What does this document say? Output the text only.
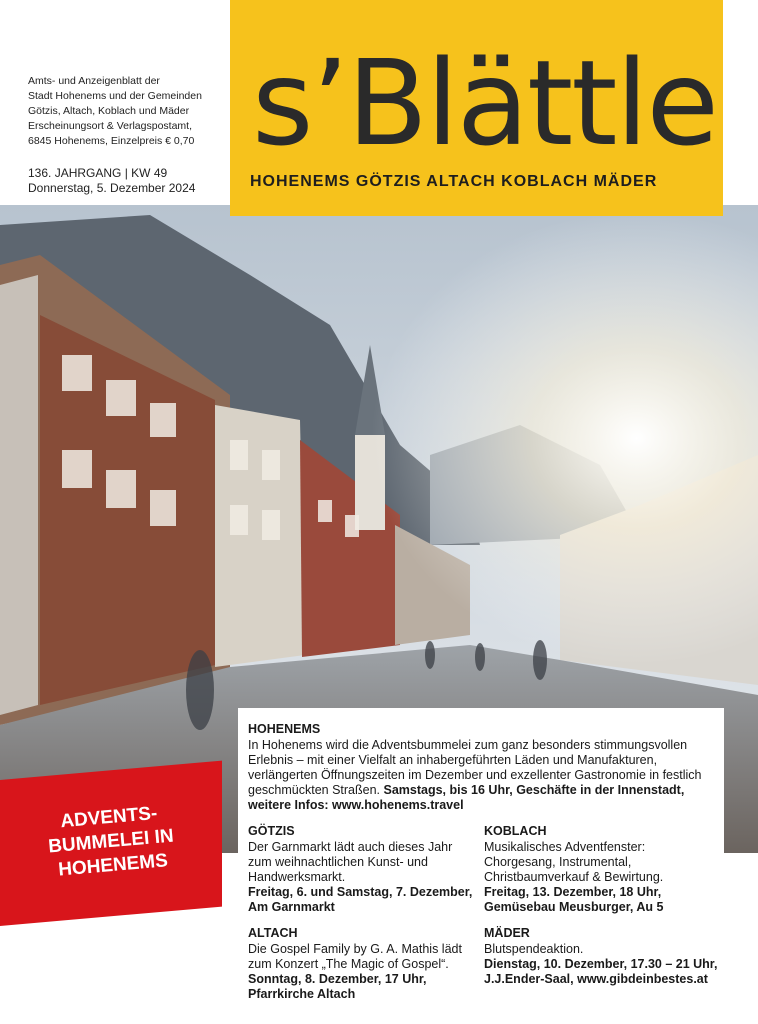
Amts- und Anzeigenblatt der
Stadt Hohenems und der Gemeinden
Götzis, Altach, Koblach und Mäder
Erscheinungsort & Verlagspostamt,
6845 Hohenems, Einzelpreis € 0,70
136. JAHRGANG | KW 49
Donnerstag, 5. Dezember 2024
s’Blättle
HOHENEMS GÖTZIS ALTACH KOBLACH MÄDER
ADVENTS-
BUMMELEI IN
HOHENEMS
HOHENEMS
In Hohenems wird die Adventsbummelei zum ganz besonders stimmungsvollen Erlebnis – mit einer Vielfalt an inhabergeführten Läden und Manufakturen, verlängerten Öffnungszeiten im Dezember und exzellenter Gastronomie in festlich geschmückten Straßen. Samstags, bis 16 Uhr, Geschäfte in der Innenstadt, weitere Infos: www.hohenems.travel
GÖTZIS
Der Garnmarkt lädt auch dieses Jahr zum weihnachtlichen Kunst- und Handwerksmarkt.
Freitag, 6. und Samstag, 7. Dezember, Am Garnmarkt
KOBLACH
Musikalisches Adventfenster: Chorgesang, Instrumental, Christbaumverkauf & Bewirtung.
Freitag, 13. Dezember, 18 Uhr, Gemüsebau Meusburger, Au 5
ALTACH
Die Gospel Family by G. A. Mathis lädt zum Konzert „The Magic of Gospel“.
Sonntag, 8. Dezember, 17 Uhr, Pfarrkirche Altach
MÄDER
Blutspendeaktion.
Dienstag, 10. Dezember, 17.30 – 21 Uhr, J.J.Ender-Saal, www.gibdeinbestes.at
